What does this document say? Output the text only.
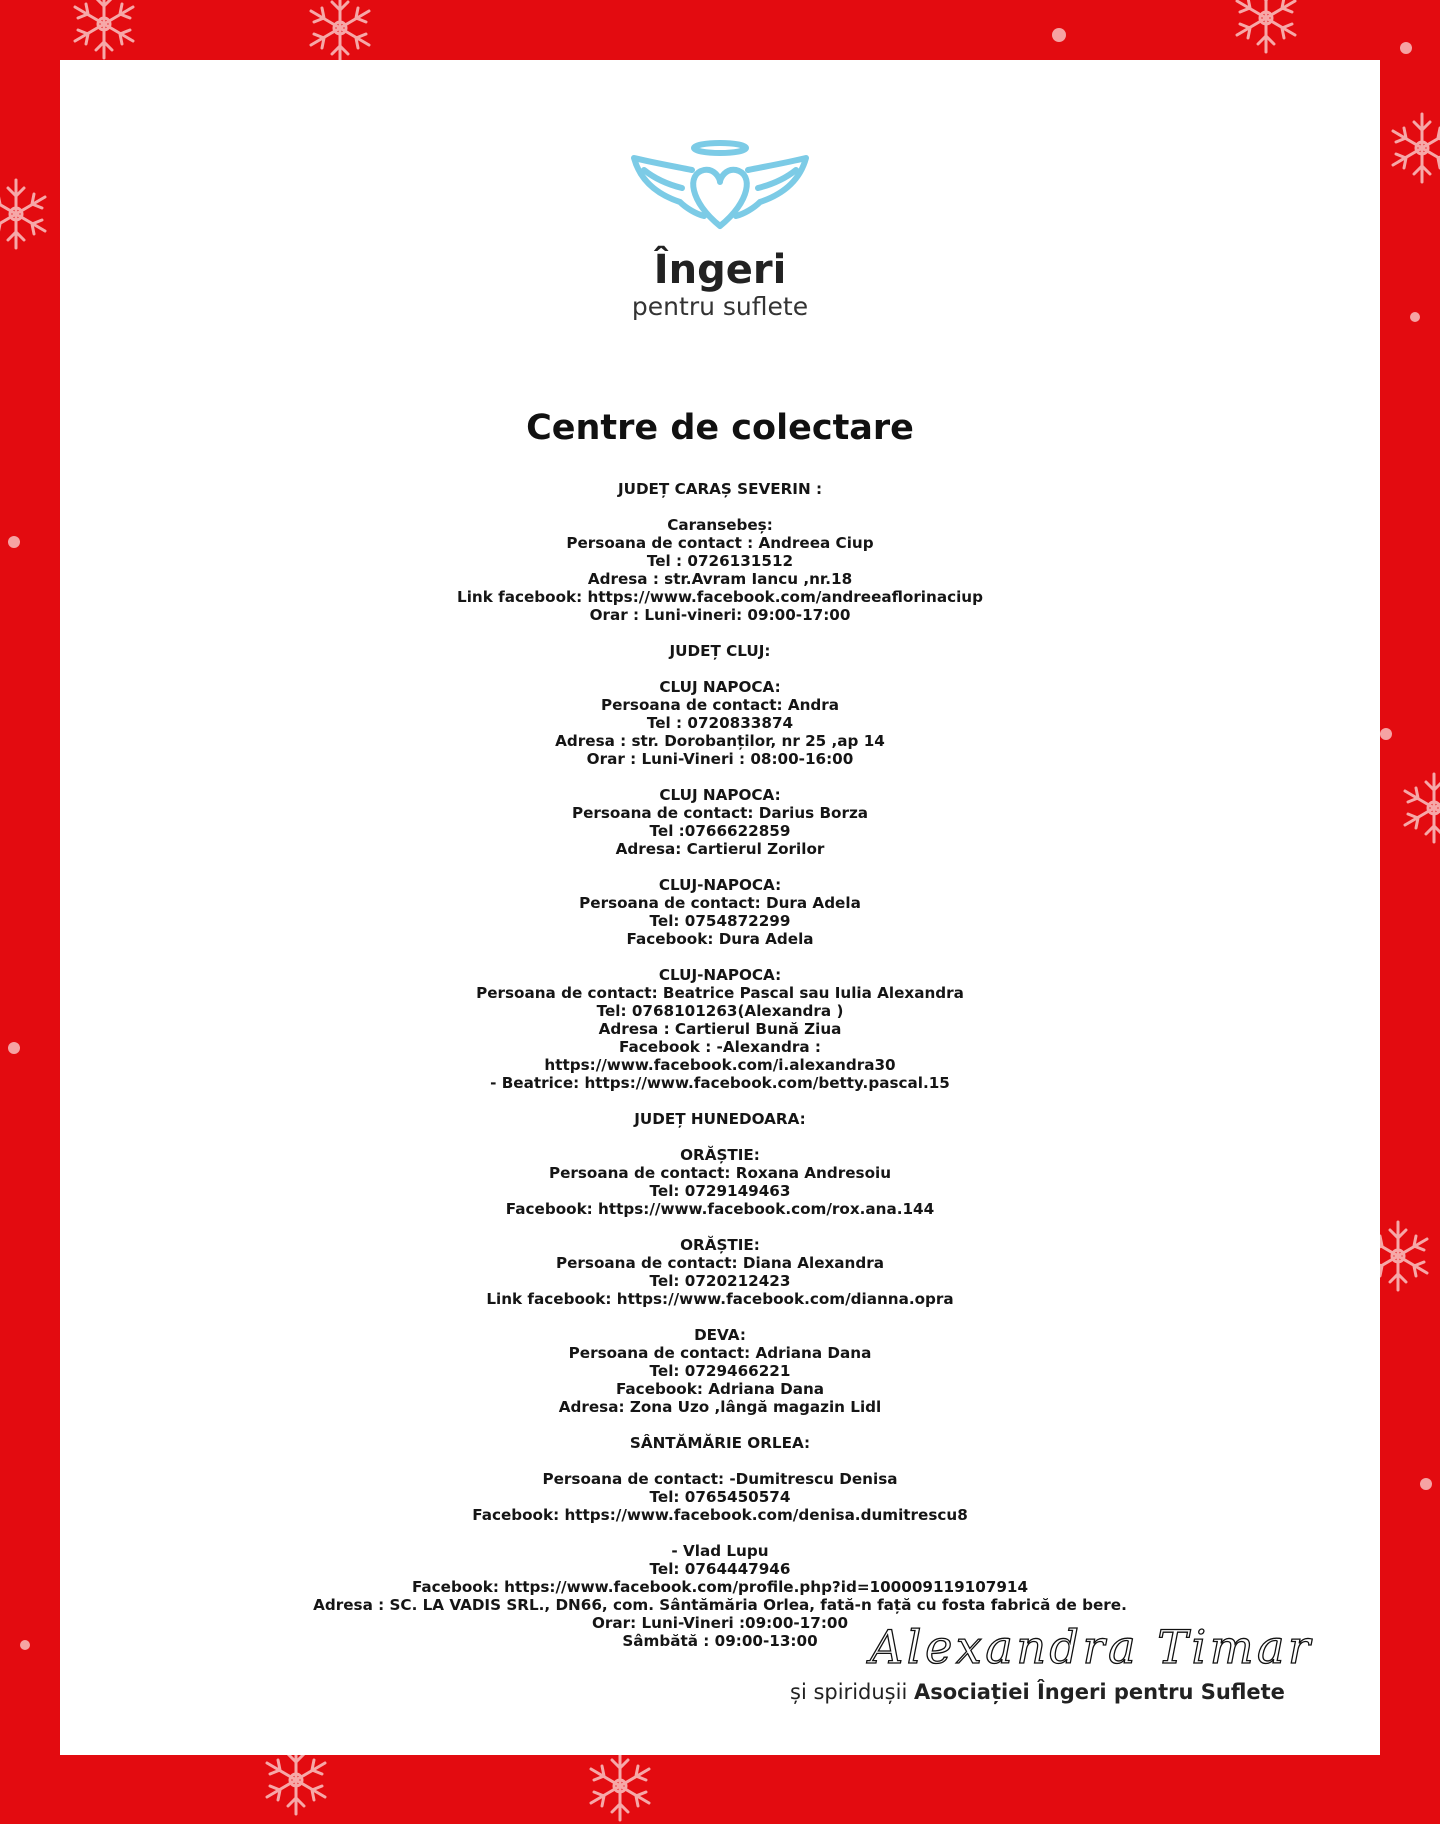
Îngeri
pentru suflete
Centre de colectare
JUDEȚ CARAȘ SEVERIN :
Caransebeș:
Persoana de contact : Andreea Ciup
Tel : 0726131512
Adresa : str.Avram Iancu ,nr.18
Link facebook: https://www.facebook.com/andreeaflorinaciup
Orar : Luni-vineri: 09:00-17:00
JUDEȚ CLUJ:
CLUJ NAPOCA:
Persoana de contact: Andra
Tel : 0720833874
Adresa : str. Dorobanților, nr 25 ,ap 14
Orar : Luni-Vineri : 08:00-16:00
CLUJ NAPOCA:
Persoana de contact: Darius Borza
Tel :0766622859
Adresa: Cartierul Zorilor
CLUJ-NAPOCA:
Persoana de contact: Dura Adela
Tel: 0754872299
Facebook: Dura Adela
CLUJ-NAPOCA:
Persoana de contact: Beatrice Pascal sau Iulia Alexandra
Tel: 0768101263(Alexandra )
Adresa : Cartierul Bună Ziua
Facebook : -Alexandra :
https://www.facebook.com/i.alexandra30
- Beatrice: https://www.facebook.com/betty.pascal.15
JUDEȚ HUNEDOARA:
ORĂȘTIE:
Persoana de contact: Roxana Andresoiu
Tel: 0729149463
Facebook: https://www.facebook.com/rox.ana.144
ORĂȘTIE:
Persoana de contact: Diana Alexandra
Tel: 0720212423
Link facebook: https://www.facebook.com/dianna.opra
DEVA:
Persoana de contact: Adriana Dana
Tel: 0729466221
Facebook: Adriana Dana
Adresa: Zona Uzo ,lângă magazin Lidl
SÂNTĂMĂRIE ORLEA:
Persoana de contact: -Dumitrescu Denisa
Tel: 0765450574
Facebook: https://www.facebook.com/denisa.dumitrescu8
- Vlad Lupu
Tel: 0764447946
Facebook: https://www.facebook.com/profile.php?id=100009119107914
Adresa : SC. LA VADIS SRL., DN66, com. Sântămăria Orlea, fată-n față cu fosta fabrică de bere.
Orar: Luni-Vineri :09:00-17:00
Sâmbătă : 09:00-13:00	Alexandra Timar
și spiridușii Asociației Îngeri pentru Suflete
